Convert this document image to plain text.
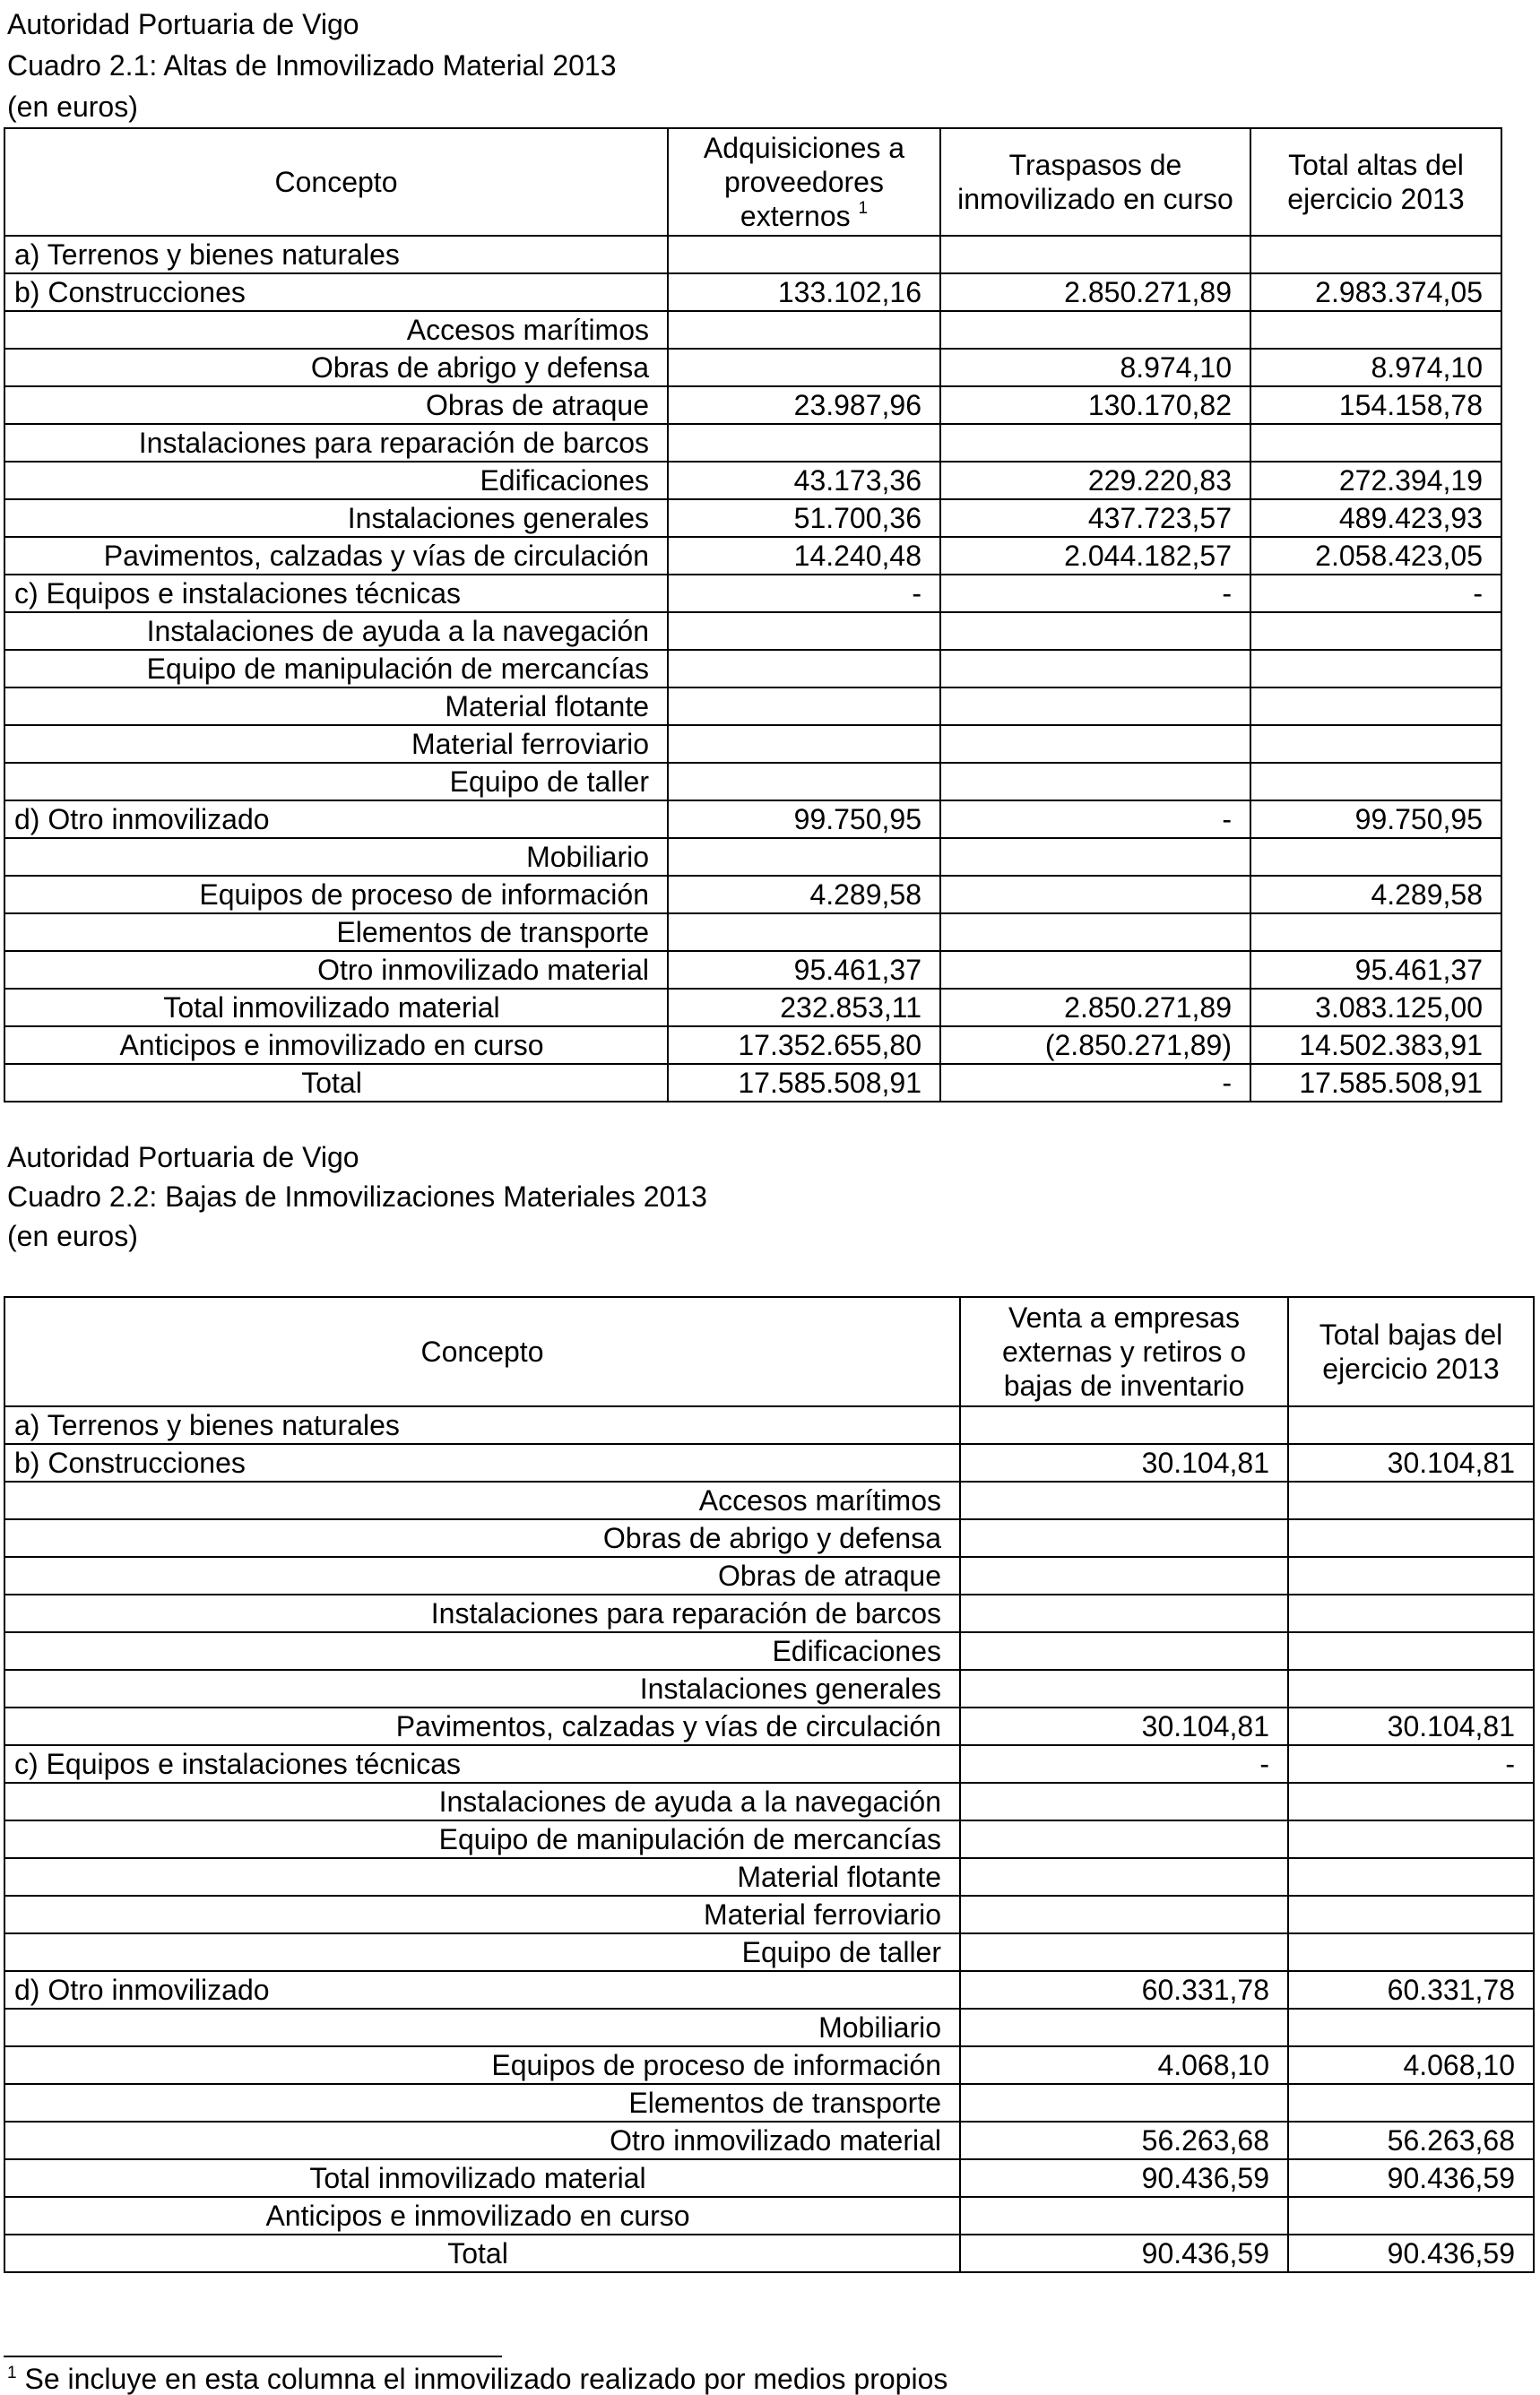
Autoridad Portuaria de Vigo
Cuadro 2.1: Altas de Inmovilizado Material 2013
(en euros)
Concepto	Adquisiciones a proveedores externos $^1$	Traspasos de inmovilizado en curso	Total altas del ejercicio 2013
a) Terrenos y bienes naturales			
b) Construcciones	133.102,16	2.850.271,89	2.983.374,05
Accesos marítimos			
Obras de abrigo y defensa		8.974,10	8.974,10
Obras de atraque	23.987,96	130.170,82	154.158,78
Instalaciones para reparación de barcos			
Edificaciones	43.173,36	229.220,83	272.394,19
Instalaciones generales	51.700,36	437.723,57	489.423,93
Pavimentos, calzadas y vías de circulación	14.240,48	2.044.182,57	2.058.423,05
c) Equipos e instalaciones técnicas	-	-	-
Instalaciones de ayuda a la navegación			
Equipo de manipulación de mercancías			
Material flotante			
Material ferroviario			
Equipo de taller			
d) Otro inmovilizado	99.750,95	-	99.750,95
Mobiliario			
Equipos de proceso de información	4.289,58		4.289,58
Elementos de transporte			
Otro inmovilizado material	95.461,37		95.461,37
Total inmovilizado material	232.853,11	2.850.271,89	3.083.125,00
Anticipos e inmovilizado en curso	17.352.655,80	(2.850.271,89)	14.502.383,91
Total	17.585.508,91	-	17.585.508,91
Autoridad Portuaria de Vigo
Cuadro 2.2: Bajas de Inmovilizaciones Materiales 2013
(en euros)
Concepto	Venta a empresas externas y retiros o bajas de inventario	Total bajas del ejercicio 2013
a) Terrenos y bienes naturales		
b) Construcciones	30.104,81	30.104,81
Accesos marítimos		
Obras de abrigo y defensa		
Obras de atraque		
Instalaciones para reparación de barcos		
Edificaciones		
Instalaciones generales		
Pavimentos, calzadas y vías de circulación	30.104,81	30.104,81
c) Equipos e instalaciones técnicas	-	-
Instalaciones de ayuda a la navegación		
Equipo de manipulación de mercancías		
Material flotante		
Material ferroviario		
Equipo de taller		
d) Otro inmovilizado	60.331,78	60.331,78
Mobiliario		
Equipos de proceso de información	4.068,10	4.068,10
Elementos de transporte		
Otro inmovilizado material	56.263,68	56.263,68
Total inmovilizado material	90.436,59	90.436,59
Anticipos e inmovilizado en curso		
Total	90.436,59	90.436,59
$^1$ Se incluye en esta columna el inmovilizado realizado por medios propios
